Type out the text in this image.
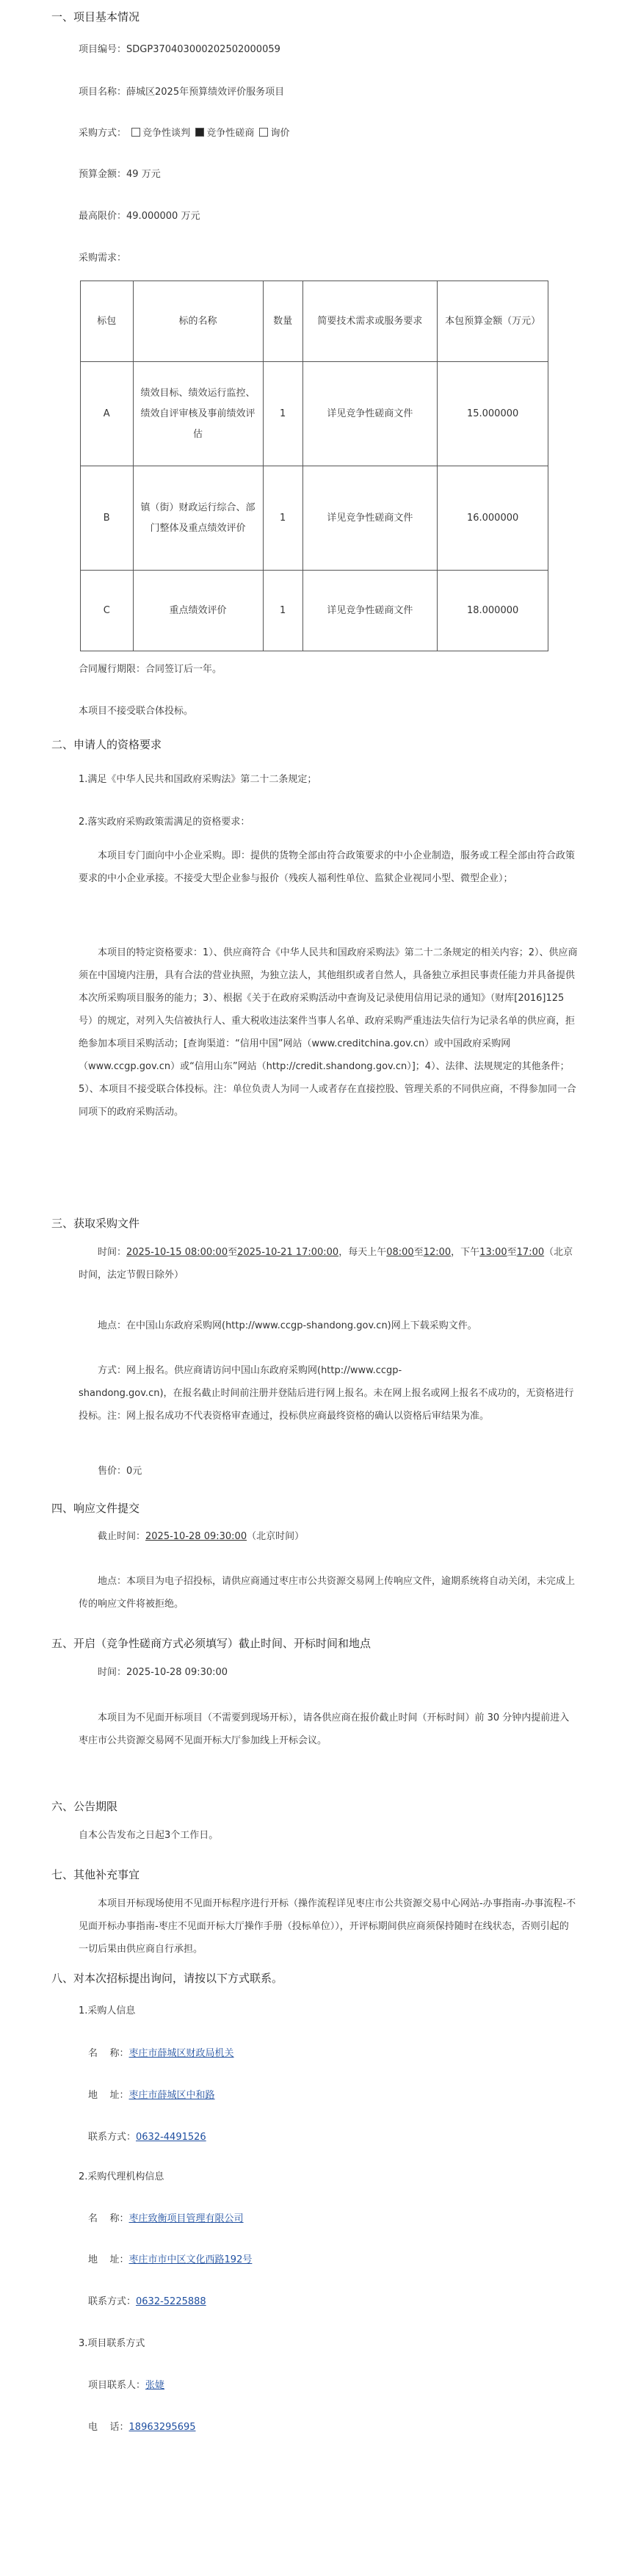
一、项目基本情况
项目编号：SDGP370403000202502000059
项目名称：薛城区2025年预算绩效评价服务项目
采购方式： 竞争性谈判 竞争性磋商 询价
预算金额：49 万元
最高限价：49.000000 万元
采购需求：
标包	标的名称	数量	简要技术需求或服务要求	本包预算金额（万元）
A	绩效目标、绩效运行监控、绩效自评审核及事前绩效评估	1	详见竞争性磋商文件	15.000000
B	镇（街）财政运行综合、部门整体及重点绩效评价	1	详见竞争性磋商文件	16.000000
C	重点绩效评价	1	详见竞争性磋商文件	18.000000
合同履行期限：合同签订后一年。
本项目不接受联合体投标。
二、申请人的资格要求
1.满足《中华人民共和国政府采购法》第二十二条规定；
2.落实政府采购政策需满足的资格要求：
本项目专门面向中小企业采购。即：提供的货物全部由符合政策要求的中小企业制造，服务或工程全部由符合政策要求的中小企业承接。不接受大型企业参与报价（残疾人福利性单位、监狱企业视同小型、微型企业）；
本项目的特定资格要求：1）、供应商符合《中华人民共和国政府采购法》第二十二条规定的相关内容；2）、供应商须在中国境内注册，具有合法的营业执照，为独立法人，其他组织或者自然人，具备独立承担民事责任能力并具备提供本次所采购项目服务的能力；3）、根据《关于在政府采购活动中查询及记录使用信用记录的通知》（财库[2016]125 号）的规定，对列入失信被执行人、重大税收违法案件当事人名单、政府采购严重违法失信行为记录名单的供应商，拒绝参加本项目采购活动；[查询渠道：“信用中国”网站（www.creditchina.gov.cn）或中国政府采购网（www.ccgp.gov.cn）或“信用山东”网站（http://credit.shandong.gov.cn）]；4）、法律、法规规定的其他条件；5）、本项目不接受联合体投标。注：单位负责人为同一人或者存在直接控股、管理关系的不同供应商，不得参加同一合同项下的政府采购活动。
三、获取采购文件
时间：2025-10-15 08:00:00至2025-10-21 17:00:00，每天上午08:00至12:00，下午13:00至17:00（北京时间，法定节假日除外）
地点：在中国山东政府采购网(http://www.ccgp-shandong.gov.cn)网上下载采购文件。
方式：网上报名。供应商请访问中国山东政府采购网(http://www.ccgp-
shandong.gov.cn)，在报名截止时间前注册并登陆后进行网上报名。未在网上报名或网上报名不成功的，无资格进行投标。注：网上报名成功不代表资格审查通过，投标供应商最终资格的确认以资格后审结果为准。
售价：0元
四、响应文件提交
截止时间：2025-10-28 09:30:00（北京时间）
地点：本项目为电子招投标，请供应商通过枣庄市公共资源交易网上传响应文件，逾期系统将自动关闭，未完成上传的响应文件将被拒绝。
五、开启（竞争性磋商方式必须填写）截止时间、开标时间和地点
时间：2025-10-28 09:30:00
本项目为不见面开标项目（不需要到现场开标），请各供应商在报价截止时间（开标时间）前 30 分钟内提前进入枣庄市公共资源交易网不见面开标大厅参加线上开标会议。
六、公告期限
自本公告发布之日起3个工作日。
七、其他补充事宜
本项目开标现场使用不见面开标程序进行开标（操作流程详见枣庄市公共资源交易中心网站-办事指南-办事流程-不见面开标办事指南-枣庄不见面开标大厅操作手册（投标单位）），开评标期间供应商须保持随时在线状态，否则引起的一切后果由供应商自行承担。
八、对本次招标提出询问，请按以下方式联系。
1.采购人信息
名    称：枣庄市薛城区财政局机关
地    址：枣庄市薛城区中和路
联系方式：0632-4491526
2.采购代理机构信息
名    称：枣庄致衡项目管理有限公司
地    址：枣庄市市中区文化西路192号
联系方式：0632-5225888
3.项目联系方式
项目联系人：张婕
电    话：18963295695
